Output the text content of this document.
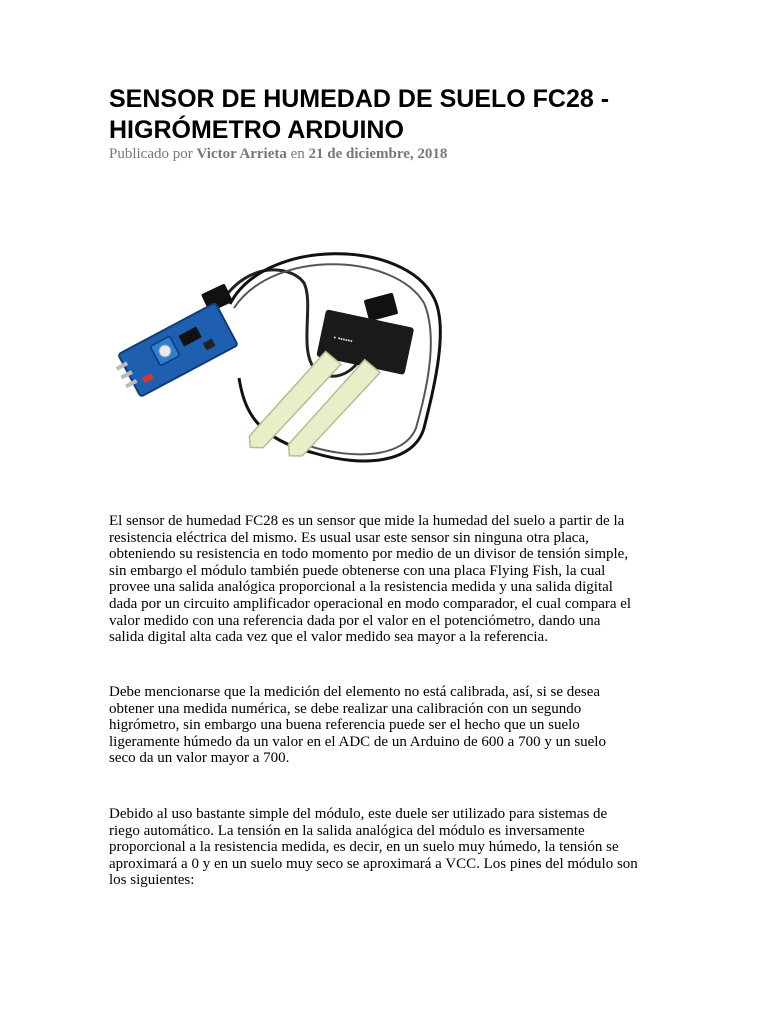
SENSOR DE HUMEDAD DE SUELO FC28 -
HIGRÓMETRO ARDUINO
Publicado por Victor Arrieta en 21 de diciembre, 2018
▪ ▪▪▪▪▪▪
El sensor de humedad FC28 es un sensor que mide la humedad del suelo a partir de la
resistencia eléctrica del mismo. Es usual usar este sensor sin ninguna otra placa,
obteniendo su resistencia en todo momento por medio de un divisor de tensión simple,
sin embargo el módulo también puede obtenerse con una placa Flying Fish, la cual
provee una salida analógica proporcional a la resistencia medida y una salida digital
dada por un circuito amplificador operacional en modo comparador, el cual compara el
valor medido con una referencia dada por el valor en el potenciómetro, dando una
salida digital alta cada vez que el valor medido sea mayor a la referencia.
Debe mencionarse que la medición del elemento no está calibrada, así, si se desea
obtener una medida numérica, se debe realizar una calibración con un segundo
higrómetro, sin embargo una buena referencia puede ser el hecho que un suelo
ligeramente húmedo da un valor en el ADC de un Arduino de 600 a 700 y un suelo
seco da un valor mayor a 700.
Debido al uso bastante simple del módulo, este duele ser utilizado para sistemas de
riego automático. La tensión en la salida analógica del módulo es inversamente
proporcional a la resistencia medida, es decir, en un suelo muy húmedo, la tensión se
aproximará a 0 y en un suelo muy seco se aproximará a VCC. Los pines del módulo son
los siguientes:
